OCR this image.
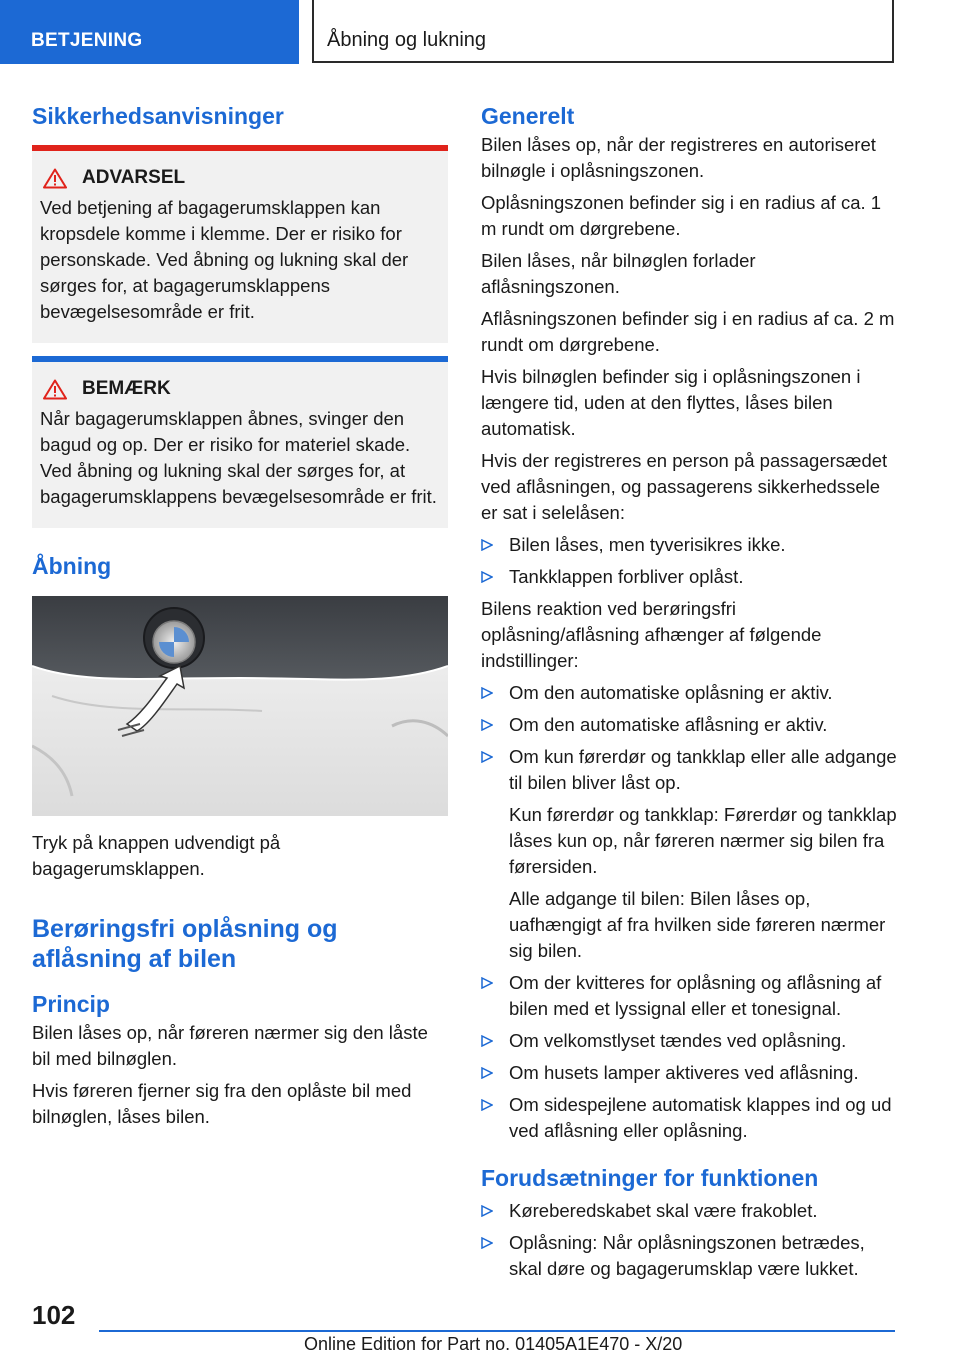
BETJENING	Åbning og lukning
Sikkerhedsanvisninger
ADVARSEL

Ved betjening af bagagerumsklappen kan kropsdele komme i klemme. Der er risiko for personskade. Ved åbning og lukning skal der sørges for, at bagagerumsklappens bevægelsesområde er frit.

BEMÆRK

Når bagagerumsklappen åbnes, svinger den bagud og op. Der er risiko for materiel skade. Ved åbning og lukning skal der sørges for, at bagagerumsklappens bevægelsesområde er frit.

Åbning

Tryk på knappen udvendigt på bagagerumsklappen.

Berøringsfri oplåsning og
aflåsning af bilen
Princip

Bilen låses op, når føreren nærmer sig den låste bil med bilnøglen.

Hvis føreren fjerner sig fra den oplåste bil med bilnøglen, låses bilen.

Generelt

Bilen låses op, når der registreres en autoriseret bilnøgle i oplåsningszonen.

Oplåsningszonen befinder sig i en radius af ca. 1 m rundt om dørgrebene.

Bilen låses, når bilnøglen forlader aflåsningszonen.

Aflåsningszonen befinder sig i en radius af ca. 2 m rundt om dørgrebene.

Hvis bilnøglen befinder sig i oplåsningszonen i længere tid, uden at den flyttes, låses bilen automatisk.

Hvis der registreres en person på passagersædet ved aflåsningen, og passagerens sikkerhedssele er sat i selelåsen:

Bilen låses, men tyverisikres ikke.
Tankklappen forbliver oplåst.

Bilens reaktion ved berøringsfri oplåsning/aflåsning afhænger af følgende indstillinger:

Om den automatiske oplåsning er aktiv.
Om den automatiske aflåsning er aktiv.
Om kun førerdør og tankklap eller alle adgange til bilen bliver låst op.

Kun førerdør og tankklap: Førerdør og tankklap låses kun op, når føreren nærmer sig bilen fra førersiden.

Alle adgange til bilen: Bilen låses op, uafhængigt af fra hvilken side føreren nærmer sig bilen.

Om der kvitteres for oplåsning og aflåsning af bilen med et lyssignal eller et tonesignal.
Om velkomstlyset tændes ved oplåsning.
Om husets lamper aktiveres ved aflåsning.
Om sidespejlene automatisk klappes ind og ud ved aflåsning eller oplåsning.
Forudsætninger for funktionen
Køreberedskabet skal være frakoblet.
Oplåsning: Når oplåsningszonen betrædes, skal døre og bagagerumsklap være lukket.
102
Online Edition for Part no. 01405A1E470 - X/20
